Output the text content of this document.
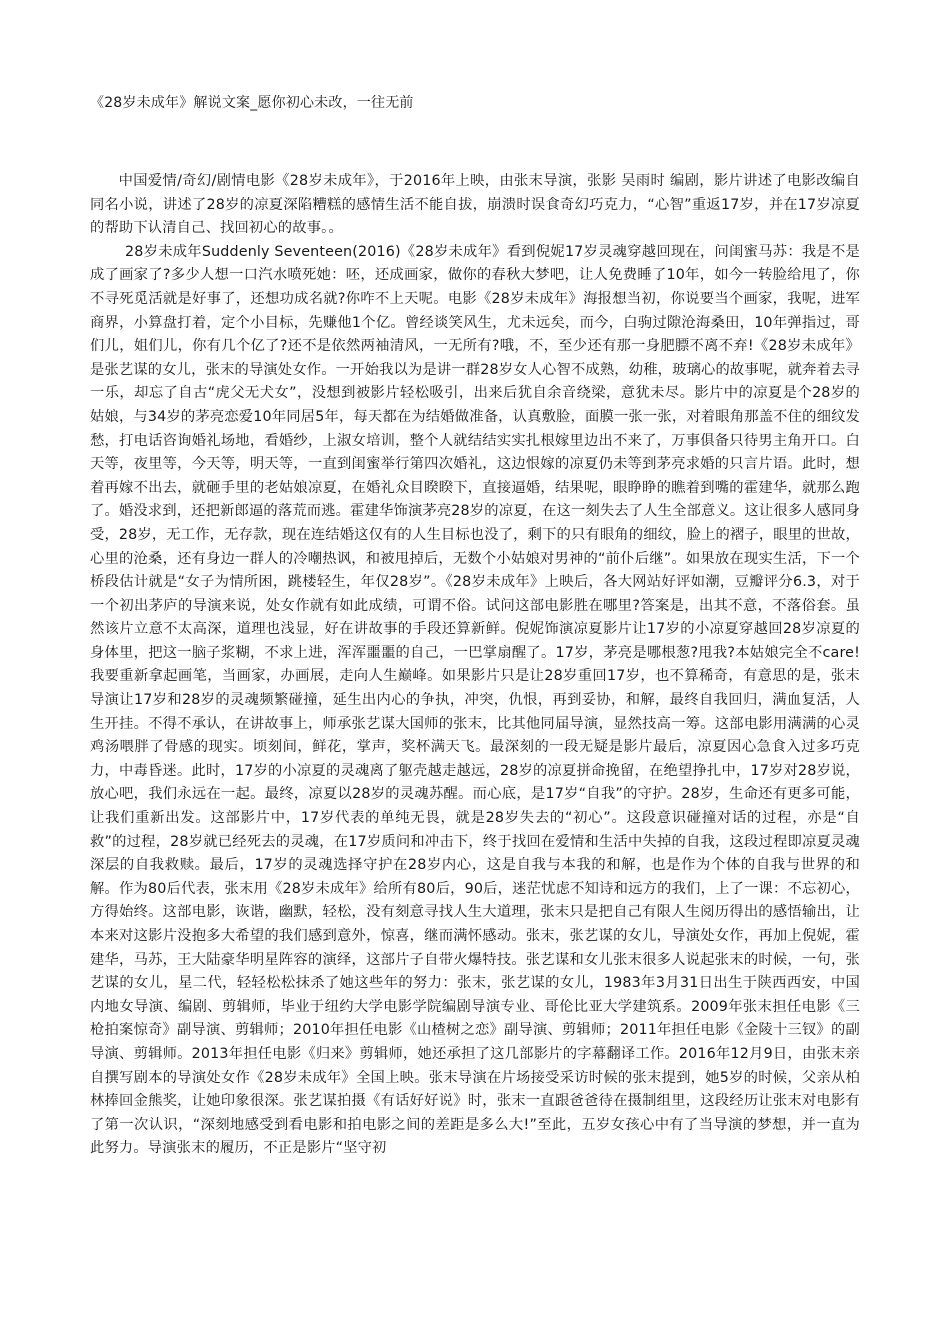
《28岁未成年》解说文案_愿你初心未改，一往无前

中国爱情/奇幻/剧情电影《28岁未成年》，于2016年上映，由张末导演，张影 吴雨时 编剧，影片讲述了电影改编自同名小说，讲述了28岁的凉夏深陷糟糕的感情生活不能自拔，崩溃时误食奇幻巧克力，“心智”重返17岁，并在17岁凉夏的帮助下认清自己、找回初心的故事。。

28岁未成年Suddenly Seventeen(2016)《28岁未成年》看到倪妮17岁灵魂穿越回现在，问闺蜜马苏：我是不是成了画家了?多少人想一口汽水喷死她：呸，还成画家，做你的春秋大梦吧，让人免费睡了10年，如今一转脸给甩了，你不寻死觅活就是好事了，还想功成名就?你咋不上天呢。电影《28岁未成年》海报想当初，你说要当个画家，我呢，进军商界，小算盘打着，定个小目标，先赚他1个亿。曾经谈笑风生，尤未远矣，而今，白驹过隙沧海桑田，10年弹指过，哥们儿，姐们儿，你有几个亿了?还不是依然两袖清风，一无所有?哦，不，至少还有那一身肥膘不离不弃!《28岁未成年》是张艺谋的女儿，张末的导演处女作。一开始我以为是讲一群28岁女人心智不成熟，幼稚，玻璃心的故事呢，就奔着去寻一乐，却忘了自古“虎父无犬女”，没想到被影片轻松吸引，出来后犹自余音绕梁，意犹未尽。影片中的凉夏是个28岁的姑娘，与34岁的茅亮恋爱10年同居5年，每天都在为结婚做准备，认真敷脸，面膜一张一张，对着眼角那盖不住的细纹发愁，打电话咨询婚礼场地，看婚纱，上淑女培训，整个人就结结实实扎根嫁里边出不来了，万事俱备只待男主角开口。白天等，夜里等，今天等，明天等，一直到闺蜜举行第四次婚礼，这边恨嫁的凉夏仍未等到茅亮求婚的只言片语。此时，想着再嫁不出去，就砸手里的老姑娘凉夏，在婚礼众目睽睽下，直接逼婚，结果呢，眼睁睁的瞧着到嘴的霍建华，就那么跑了。婚没求到，还把新郎逼的落荒而逃。霍建华饰演茅亮28岁的凉夏，在这一刻失去了人生全部意义。这让很多人感同身受，28岁，无工作，无存款，现在连结婚这仅有的人生目标也没了，剩下的只有眼角的细纹，脸上的褶子，眼里的世故，心里的沧桑，还有身边一群人的冷嘲热讽，和被甩掉后，无数个小姑娘对男神的“前仆后继”。如果放在现实生活，下一个桥段估计就是“女子为情所困，跳楼轻生，年仅28岁”。《28岁未成年》上映后，各大网站好评如潮，豆瓣评分6.3，对于一个初出茅庐的导演来说，处女作就有如此成绩，可谓不俗。试问这部电影胜在哪里?答案是，出其不意，不落俗套。虽然该片立意不太高深，道理也浅显，好在讲故事的手段还算新鲜。倪妮饰演凉夏影片让17岁的小凉夏穿越回28岁凉夏的身体里，把这一脑子浆糊，不求上进，浑浑噩噩的自己，一巴掌扇醒了。17岁，茅亮是哪根葱?甩我?本姑娘完全不care!我要重新拿起画笔，当画家，办画展，走向人生巅峰。如果影片只是让28岁重回17岁，也不算稀奇，有意思的是，张末导演让17岁和28岁的灵魂频繁碰撞，延生出内心的争执，冲突，仇恨，再到妥协，和解，最终自我回归，满血复活，人生开挂。不得不承认，在讲故事上，师承张艺谋大国师的张末，比其他同届导演，显然技高一筹。这部电影用满满的心灵鸡汤喂胖了骨感的现实。顷刻间，鲜花，掌声，奖杯满天飞。最深刻的一段无疑是影片最后，凉夏因心急食入过多巧克力，中毒昏迷。此时，17岁的小凉夏的灵魂离了躯壳越走越远，28岁的凉夏拼命挽留，在绝望挣扎中，17岁对28岁说，放心吧，我们永远在一起。最终，凉夏以28岁的灵魂苏醒。而心底，是17岁“自我”的守护。28岁，生命还有更多可能，让我们重新出发。这部影片中，17岁代表的单纯无畏，就是28岁失去的“初心”。这段意识碰撞对话的过程，亦是“自救”的过程，28岁就已经死去的灵魂，在17岁质问和冲击下，终于找回在爱情和生活中失掉的自我，这段过程即凉夏灵魂深层的自我救赎。最后，17岁的灵魂选择守护在28岁内心，这是自我与本我的和解，也是作为个体的自我与世界的和解。作为80后代表，张末用《28岁未成年》给所有80后，90后，迷茫忧虑不知诗和远方的我们，上了一课：不忘初心，方得始终。这部电影，诙谐，幽默，轻松，没有刻意寻找人生大道理，张末只是把自己有限人生阅历得出的感悟输出，让本来对这影片没抱多大希望的我们感到意外，惊喜，继而满怀感动。张末，张艺谋的女儿，导演处女作，再加上倪妮，霍建华，马苏，王大陆豪华明星阵容的演绎，这部片子自带火爆特技。张艺谋和女儿张末很多人说起张末的时候，一句，张艺谋的女儿，星二代，轻轻松松抹杀了她这些年的努力：张末，张艺谋的女儿，1983年3月31日出生于陕西西安，中国内地女导演、编剧、剪辑师，毕业于纽约大学电影学院编剧导演专业、哥伦比亚大学建筑系。2009年张末担任电影《三枪拍案惊奇》副导演、剪辑师；2010年担任电影《山楂树之恋》副导演、剪辑师；2011年担任电影《金陵十三钗》的副导演、剪辑师。2013年担任电影《归来》剪辑师，她还承担了这几部影片的字幕翻译工作。2016年12月9日，由张末亲自撰写剧本的导演处女作《28岁未成年》全国上映。张末导演在片场接受采访时候的张末提到，她5岁的时候，父亲从柏林捧回金熊奖，让她印象很深。张艺谋拍摄《有话好好说》时，张末一直跟爸爸待在摄制组里，这段经历让张末对电影有了第一次认识，“深刻地感受到看电影和拍电影之间的差距是多么大!”至此，五岁女孩心中有了当导演的梦想，并一直为此努力。导演张末的履历，不正是影片“坚守初
